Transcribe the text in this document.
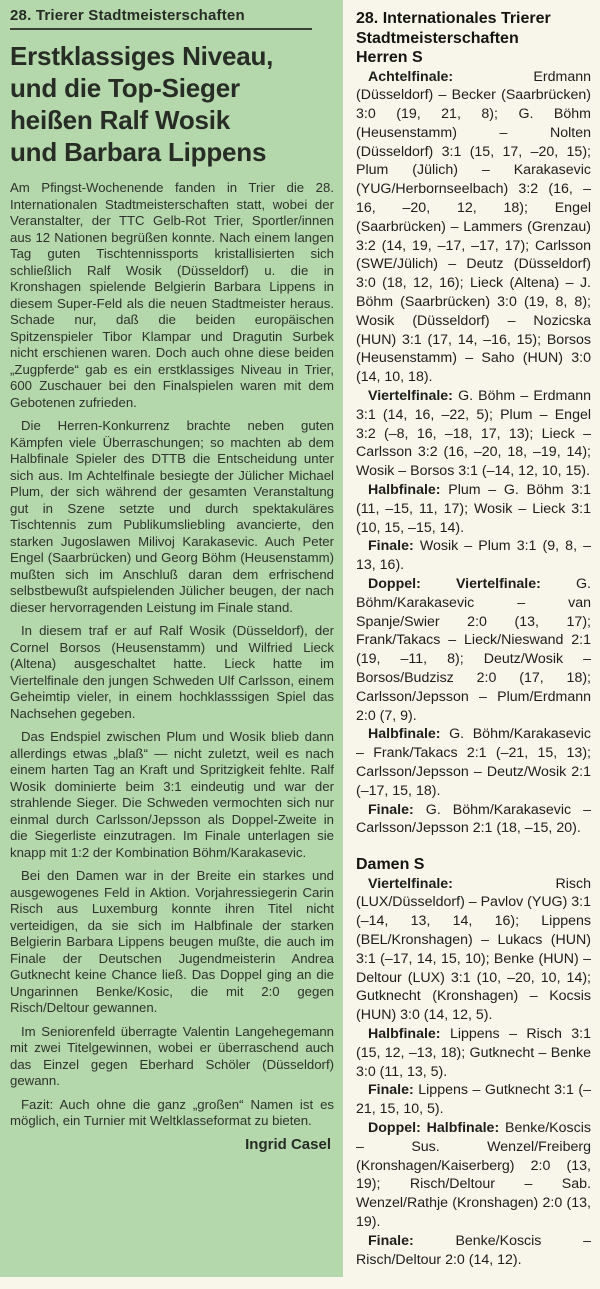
28. Trierer Stadtmeisterschaften
Erstklassiges Niveau,
und die Top-Sieger
heißen Ralf Wosik
und Barbara Lippens

Am Pfingst-Wochenende fanden in Trier die 28. Internationalen Stadtmeisterschaften statt, wobei der Veranstalter, der TTC Gelb-Rot Trier, Sportler/innen aus 12 Nationen begrüßen konnte. Nach einem langen Tag guten Tischtennissports kristallisierten sich schließlich Ralf Wosik (Düsseldorf) u. die in Kronshagen spielende Belgierin Barbara Lippens in diesem Super-Feld als die neuen Stadtmeister heraus. Schade nur, daß die beiden europäischen Spitzenspieler Tibor Klampar und Dragutin Surbek nicht erschienen waren. Doch auch ohne diese beiden „Zugpferde“ gab es ein erstklassiges Niveau in Trier, 600 Zuschauer bei den Finalspielen waren mit dem Gebotenen zufrieden.

Die Herren-Konkurrenz brachte neben guten Kämpfen viele Überraschungen; so machten ab dem Halbfinale Spieler des DTTB die Entscheidung unter sich aus. Im Achtelfinale besiegte der Jülicher Michael Plum, der sich während der gesamten Veranstaltung gut in Szene setzte und durch spektakuläres Tischtennis zum Publikumsliebling avancierte, den starken Jugoslawen Milivoj Karakasevic. Auch Peter Engel (Saarbrücken) und Georg Böhm (Heusenstamm) mußten sich im Anschluß daran dem erfrischend selbstbewußt aufspielenden Jülicher beugen, der nach dieser hervorragenden Leistung im Finale stand.

In diesem traf er auf Ralf Wosik (Düsseldorf), der Cornel Borsos (Heusenstamm) und Wilfried Lieck (Altena) ausgeschaltet hatte. Lieck hatte im Viertelfinale den jungen Schweden Ulf Carlsson, einem Geheimtip vieler, in einem hochklasssigen Spiel das Nachsehen gegeben.

Das Endspiel zwischen Plum und Wosik blieb dann allerdings etwas „blaß“ — nicht zuletzt, weil es nach einem harten Tag an Kraft und Spritzigkeit fehlte. Ralf Wosik dominierte beim 3:1 eindeutig und war der strahlende Sieger. Die Schweden vermochten sich nur einmal durch Carlsson/Jepsson als Doppel-Zweite in die Siegerliste einzutragen. Im Finale unterlagen sie knapp mit 1:2 der Kombination Böhm/Karakasevic.

Bei den Damen war in der Breite ein starkes und ausgewogenes Feld in Aktion. Vorjahressiegerin Carin Risch aus Luxemburg konnte ihren Titel nicht verteidigen, da sie sich im Halbfinale der starken Belgierin Barbara Lippens beugen mußte, die auch im Finale der Deutschen Jugendmeisterin Andrea Gutknecht keine Chance ließ. Das Doppel ging an die Ungarinnen Benke/Kosic, die mit 2:0 gegen Risch/Deltour gewannen.

Im Seniorenfeld überragte Valentin Langehegemann mit zwei Titelgewinnen, wobei er überraschend auch das Einzel gegen Eberhard Schöler (Düsseldorf) gewann.

Fazit: Auch ohne die ganz „großen“ Namen ist es möglich, ein Turnier mit Weltklasseformat zu bieten.

Ingrid Casel
28. Internationales Trierer
Stadtmeisterschaften
Herren S

Achtelfinale:	Erdmann (Düsseldorf) – Becker (Saarbrücken) 3:0 (19, 21, 8); G. Böhm (Heusenstamm) – Nolten (Düsseldorf) 3:1 (15, 17, –20, 15); Plum (Jülich) – Karakasevic (YUG/Herbornseelbach) 3:2 (16, –16, –20, 12, 18); Engel (Saarbrücken) – Lammers (Grenzau) 3:2 (14, 19, –17, –17, 17); Carlsson (SWE/Jülich) – Deutz (Düsseldorf) 3:0 (18, 12, 16); Lieck (Altena) – J. Böhm (Saarbrücken) 3:0 (19, 8, 8); Wosik (Düsseldorf) – Nozicska (HUN) 3:1 (17, 14, –16, 15); Borsos (Heusenstamm) – Saho (HUN) 3:0 (14, 10, 18).

Viertelfinale: G. Böhm – Erdmann 3:1 (14, 16, –22, 5); Plum – Engel 3:2 (–8, 16, –18, 17, 13); Lieck – Carlsson 3:2 (16, –20, 18, –19, 14); Wosik – Borsos 3:1 (–14, 12, 10, 15).

Halbfinale: Plum – G. Böhm 3:1 (11, –15, 11, 17); Wosik – Lieck 3:1 (10, 15, –15, 14).

Finale: Wosik – Plum 3:1 (9, 8, –13, 16).

Doppel: Viertelfinale: G. Böhm/Karakasevic – van Spanje/Swier 2:0 (13, 17); Frank/Takacs – Lieck/Nieswand 2:1 (19, –11, 8); Deutz/Wosik – Borsos/Budzisz 2:0 (17, 18); Carlsson/Jepsson – Plum/Erdmann 2:0 (7, 9).

Halbfinale: G. Böhm/Karakasevic – Frank/Takacs 2:1 (–21, 15, 13); Carlsson/Jepsson – Deutz/Wosik 2:1 (–17, 15, 18).

Finale: G. Böhm/Karakasevic – Carlsson/Jepsson 2:1 (18, –15, 20).

Damen S

Viertelfinale:	Risch (LUX/Düsseldorf) – Pavlov (YUG) 3:1 (–14, 13, 14, 16); Lippens (BEL/Kronshagen) – Lukacs (HUN) 3:1 (–17, 14, 15, 10); Benke (HUN) – Deltour (LUX) 3:1 (10, –20, 10, 14); Gutknecht (Kronshagen) – Kocsis (HUN) 3:0 (14, 12, 5).

Halbfinale: Lippens – Risch 3:1 (15, 12, –13, 18); Gutknecht – Benke 3:0 (11, 13, 5).

Finale: Lippens – Gutknecht 3:1 (–21, 15, 10, 5).

Doppel: Halbfinale: Benke/Koscis – Sus. Wenzel/Freiberg (Kronshagen/Kaiserberg) 2:0 (13, 19); Risch/Deltour – Sab. Wenzel/Rathje (Kronshagen) 2:0 (13, 19).

Finale:	Benke/Koscis – Risch/Deltour 2:0 (14, 12).
